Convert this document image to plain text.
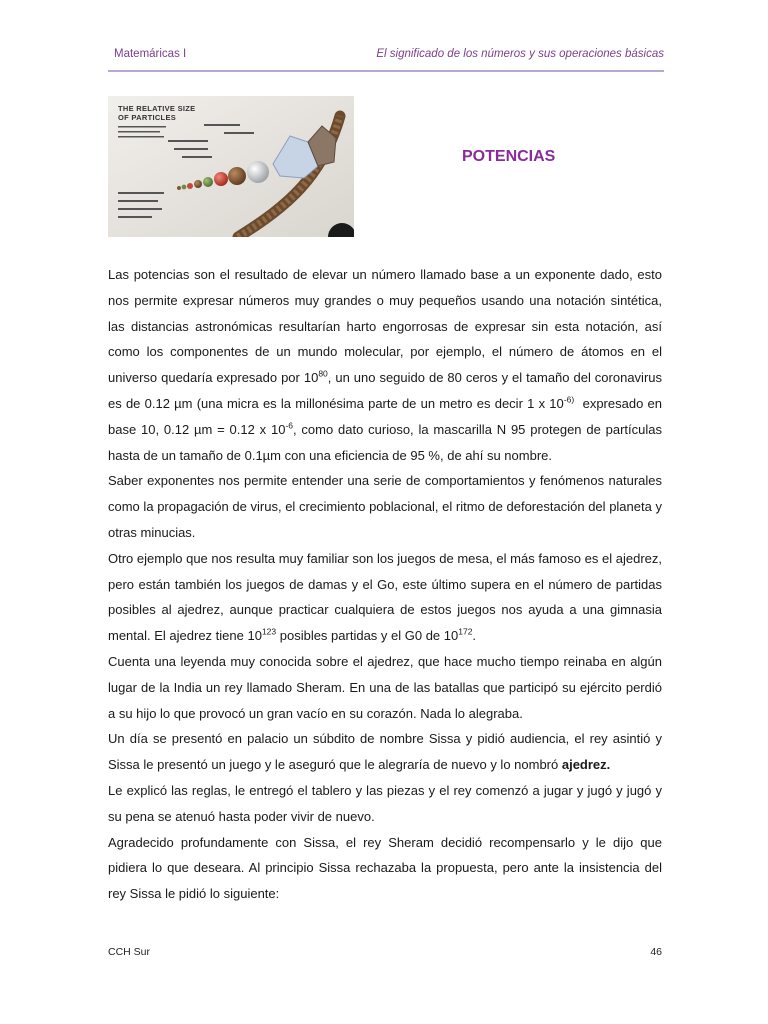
Matemáricas I	El significado de los números y sus operaciones básicas
THE RELATIVE SIZE
OF PARTICLES
POTENCIAS

Las potencias son el resultado de elevar un número llamado base a un exponente dado, esto nos permite expresar números muy grandes o muy pequeños usando una notación sintética, las distancias astronómicas resultarían harto engorrosas de expresar sin esta notación, así como los componentes de un mundo molecular, por ejemplo, el número de átomos en el universo quedaría expresado por $10^{80}$, un uno seguido de 80 ceros y el tamaño del coronavirus es de 0.12 µm (una micra es la millonésima parte de un metro es decir 1 x $10^{-6)}$  expresado en base 10, 0.12 µm = 0.12 x $10^{-6}$, como dato curioso, la mascarilla N 95 protegen de partículas hasta de un tamaño de 0.1µm con una eficiencia de 95 %, de ahí su nombre.

Saber exponentes nos permite entender una serie de comportamientos y fenómenos naturales como la propagación de virus, el crecimiento poblacional, el ritmo de deforestación del planeta y otras minucias.

Otro ejemplo que nos resulta muy familiar son los juegos de mesa, el más famoso es el ajedrez, pero están también los juegos de damas y el Go, este último supera en el número de partidas posibles al ajedrez, aunque practicar cualquiera de estos juegos nos ayuda a una gimnasia mental. El ajedrez tiene $10^{123}$ posibles partidas y el G0 de $10^{172}$.

Cuenta una leyenda muy conocida sobre el ajedrez, que hace mucho tiempo reinaba en algún lugar de la India un rey llamado Sheram. En una de las batallas que participó su ejército perdió a su hijo lo que provocó un gran vacío en su corazón. Nada lo alegraba.

Un día se presentó en palacio un súbdito de nombre Sissa y pidió audiencia, el rey asintió y Sissa le presentó un juego y le aseguró que le alegraría de nuevo y lo nombró ajedrez.

Le explicó las reglas, le entregó el tablero y las piezas y el rey comenzó a jugar y jugó y jugó y su pena se atenuó hasta poder vivir de nuevo.

Agradecido profundamente con Sissa, el rey Sheram decidió recompensarlo y le dijo que pidiera lo que deseara. Al principio Sissa rechazaba la propuesta, pero ante la insistencia del rey Sissa le pidió lo siguiente:

CCH Sur	46
